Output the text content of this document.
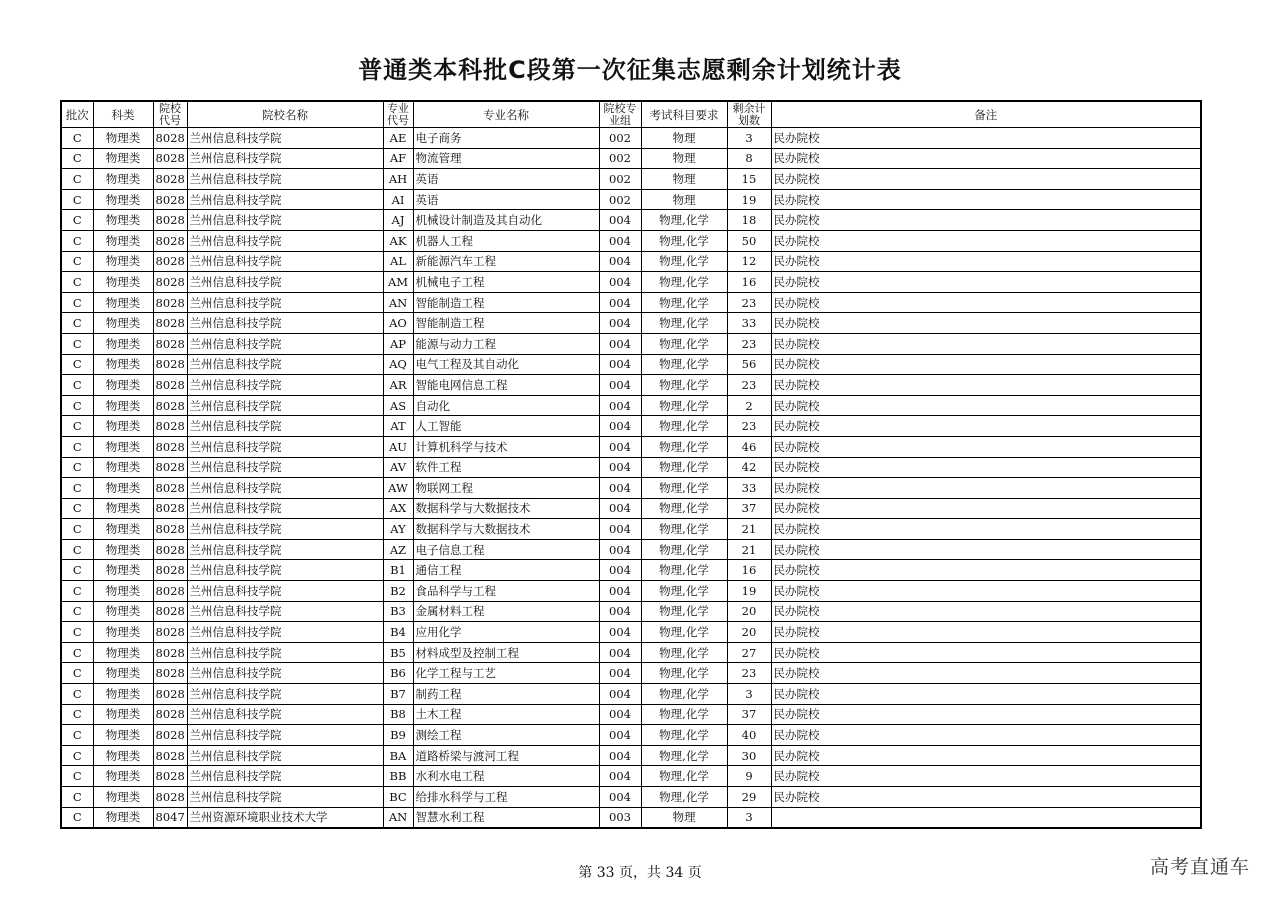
普通类本科批C段第一次征集志愿剩余计划统计表
批次	科类	院校代号	院校名称	专业代号	专业名称	院校专业组	考试科目要求	剩余计划数	备注
C	物理类	8028	兰州信息科技学院	AE	电子商务	002	物理	3	民办院校
C	物理类	8028	兰州信息科技学院	AF	物流管理	002	物理	8	民办院校
C	物理类	8028	兰州信息科技学院	AH	英语	002	物理	15	民办院校
C	物理类	8028	兰州信息科技学院	AI	英语	002	物理	19	民办院校
C	物理类	8028	兰州信息科技学院	AJ	机械设计制造及其自动化	004	物理,化学	18	民办院校
C	物理类	8028	兰州信息科技学院	AK	机器人工程	004	物理,化学	50	民办院校
C	物理类	8028	兰州信息科技学院	AL	新能源汽车工程	004	物理,化学	12	民办院校
C	物理类	8028	兰州信息科技学院	AM	机械电子工程	004	物理,化学	16	民办院校
C	物理类	8028	兰州信息科技学院	AN	智能制造工程	004	物理,化学	23	民办院校
C	物理类	8028	兰州信息科技学院	AO	智能制造工程	004	物理,化学	33	民办院校
C	物理类	8028	兰州信息科技学院	AP	能源与动力工程	004	物理,化学	23	民办院校
C	物理类	8028	兰州信息科技学院	AQ	电气工程及其自动化	004	物理,化学	56	民办院校
C	物理类	8028	兰州信息科技学院	AR	智能电网信息工程	004	物理,化学	23	民办院校
C	物理类	8028	兰州信息科技学院	AS	自动化	004	物理,化学	2	民办院校
C	物理类	8028	兰州信息科技学院	AT	人工智能	004	物理,化学	23	民办院校
C	物理类	8028	兰州信息科技学院	AU	计算机科学与技术	004	物理,化学	46	民办院校
C	物理类	8028	兰州信息科技学院	AV	软件工程	004	物理,化学	42	民办院校
C	物理类	8028	兰州信息科技学院	AW	物联网工程	004	物理,化学	33	民办院校
C	物理类	8028	兰州信息科技学院	AX	数据科学与大数据技术	004	物理,化学	37	民办院校
C	物理类	8028	兰州信息科技学院	AY	数据科学与大数据技术	004	物理,化学	21	民办院校
C	物理类	8028	兰州信息科技学院	AZ	电子信息工程	004	物理,化学	21	民办院校
C	物理类	8028	兰州信息科技学院	B1	通信工程	004	物理,化学	16	民办院校
C	物理类	8028	兰州信息科技学院	B2	食品科学与工程	004	物理,化学	19	民办院校
C	物理类	8028	兰州信息科技学院	B3	金属材料工程	004	物理,化学	20	民办院校
C	物理类	8028	兰州信息科技学院	B4	应用化学	004	物理,化学	20	民办院校
C	物理类	8028	兰州信息科技学院	B5	材料成型及控制工程	004	物理,化学	27	民办院校
C	物理类	8028	兰州信息科技学院	B6	化学工程与工艺	004	物理,化学	23	民办院校
C	物理类	8028	兰州信息科技学院	B7	制药工程	004	物理,化学	3	民办院校
C	物理类	8028	兰州信息科技学院	B8	土木工程	004	物理,化学	37	民办院校
C	物理类	8028	兰州信息科技学院	B9	测绘工程	004	物理,化学	40	民办院校
C	物理类	8028	兰州信息科技学院	BA	道路桥梁与渡河工程	004	物理,化学	30	民办院校
C	物理类	8028	兰州信息科技学院	BB	水利水电工程	004	物理,化学	9	民办院校
C	物理类	8028	兰州信息科技学院	BC	给排水科学与工程	004	物理,化学	29	民办院校
C	物理类	8047	兰州资源环境职业技术大学	AN	智慧水利工程	003	物理	3	
第 33 页，共 34 页	高考直通车
